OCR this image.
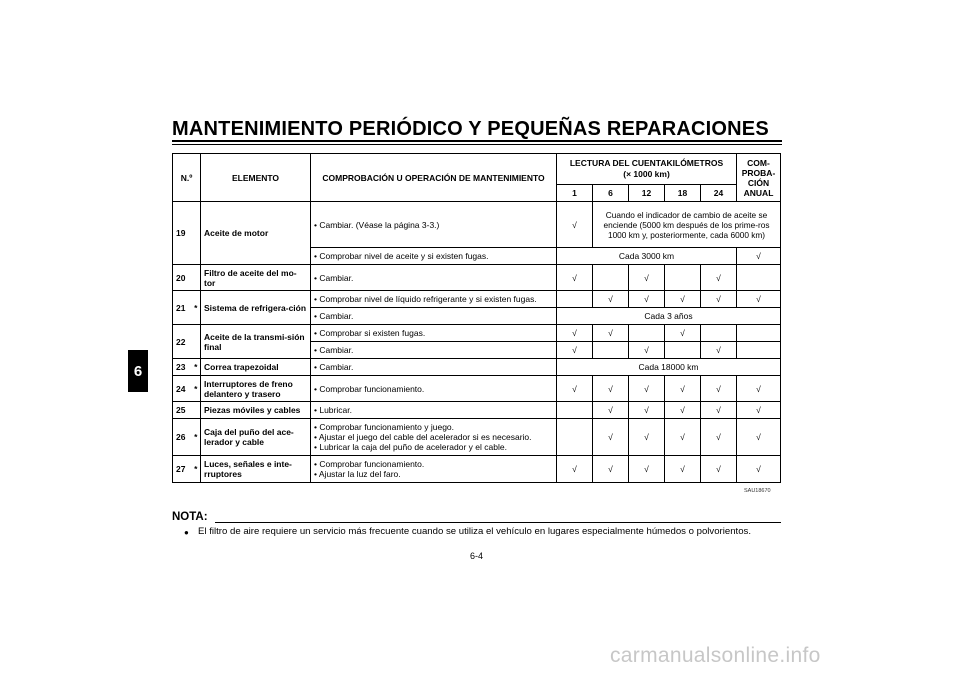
MANTENIMIENTO PERIÓDICO Y PEQUEÑAS REPARACIONES
6
N.º		ELEMENTO	COMPROBACIÓN U OPERACIÓN DE MANTENIMIENTO	LECTURA DEL CUENTAKILÓMETROS
(× 1000 km)					COM-PROBA-CIÓN ANUAL
				1	6	12	18	24	
19		Aceite de motor	• Cambiar. (Véase la página 3-3.)	√	Cuando el indicador de cambio de aceite se enciende (5000 km después de los prime-ros 1000 km y, posteriormente, cada 6000 km)				
			• Comprobar nivel de aceite y si existen fugas.	Cada 3000 km					√
20		Filtro de aceite del mo-tor	• Cambiar.	√		√		√	
21	*	Sistema de refrigera-ción	• Comprobar nivel de líquido refrigerante y si existen fugas.		√	√	√	√	√
			• Cambiar.	Cada 3 años					
22		Aceite de la transmi-sión final	• Comprobar si existen fugas.	√	√		√		
			• Cambiar.	√		√		√	
23	*	Correa trapezoidal	• Cambiar.	Cada 18000 km					
24	*	Interruptores de freno delantero y trasero	• Comprobar funcionamiento.	√	√	√	√	√	√
25		Piezas móviles y cables	• Lubricar.		√	√	√	√	√
26	*	Caja del puño del ace-lerador y cable	• Comprobar funcionamiento y juego.
• Ajustar el juego del cable del acelerador si es necesario.
• Lubricar la caja del puño de acelerador y el cable.		√	√	√	√	√
27	*	Luces, señales e inte-rruptores	• Comprobar funcionamiento.
• Ajustar la luz del faro.	√	√	√	√	√	√
SAU18670
NOTA:
● El filtro de aire requiere un servicio más frecuente cuando se utiliza el vehículo en lugares especialmente húmedos o polvorientos.
6-4
carmanualsonline.info
